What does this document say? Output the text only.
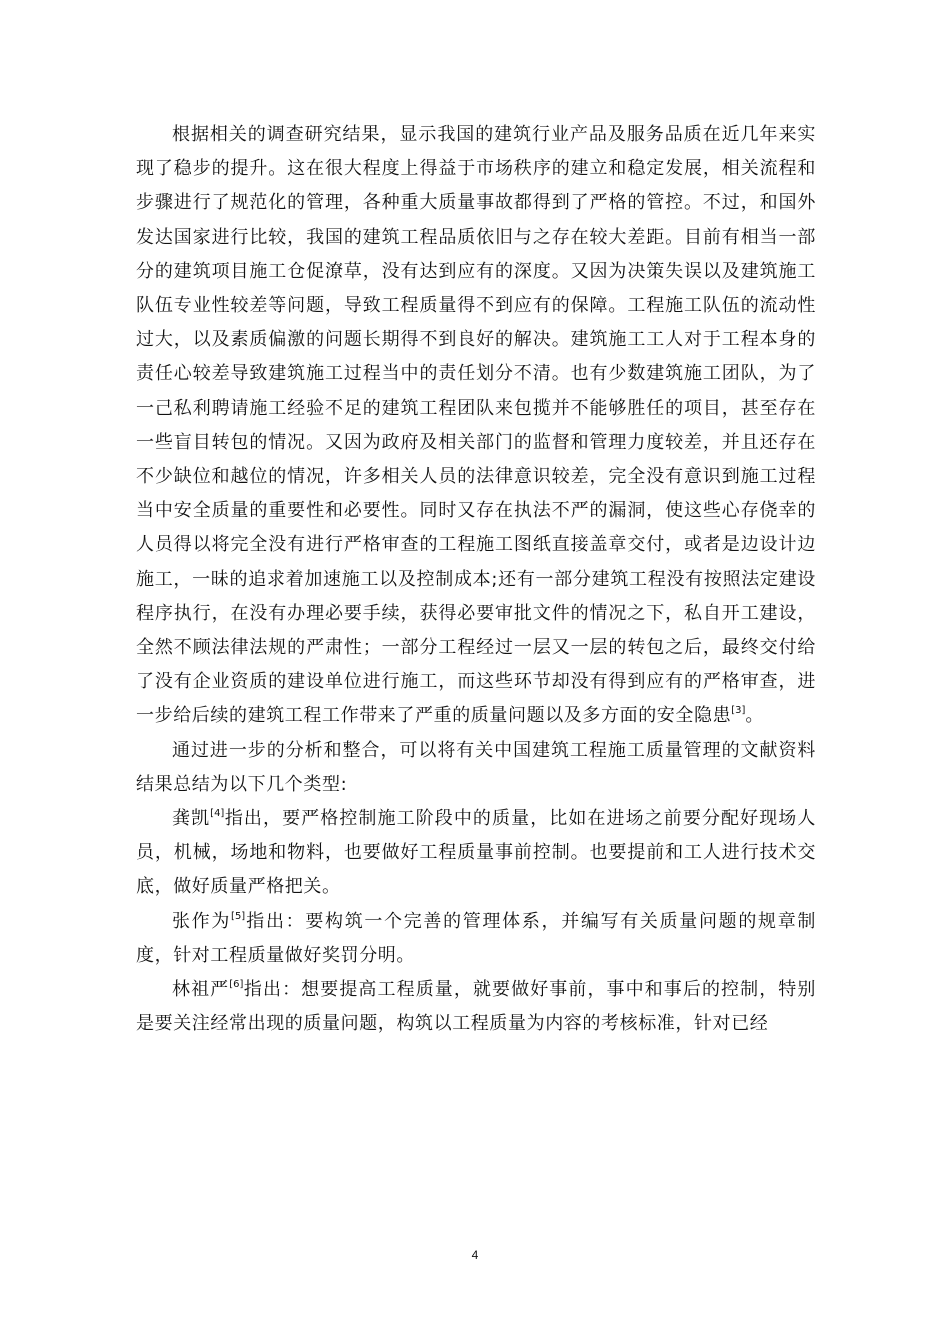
根据相关的调查研究结果，显示我国的建筑行业产品及服务品质在近几年来实现了稳步的提升。这在很大程度上得益于市场秩序的建立和稳定发展，相关流程和步骤进行了规范化的管理，各种重大质量事故都得到了严格的管控。不过，和国外发达国家进行比较，我国的建筑工程品质依旧与之存在较大差距。目前有相当一部分的建筑项目施工仓促潦草，没有达到应有的深度。又因为决策失误以及建筑施工队伍专业性较差等问题，导致工程质量得不到应有的保障。工程施工队伍的流动性过大，以及素质偏激的问题长期得不到良好的解决。建筑施工工人对于工程本身的责任心较差导致建筑施工过程当中的责任划分不清。也有少数建筑施工团队，为了一己私利聘请施工经验不足的建筑工程团队来包揽并不能够胜任的项目，甚至存在一些盲目转包的情况。又因为政府及相关部门的监督和管理力度较差，并且还存在不少缺位和越位的情况，许多相关人员的法律意识较差，完全没有意识到施工过程当中安全质量的重要性和必要性。同时又存在执法不严的漏洞，使这些心存侥幸的人员得以将完全没有进行严格审查的工程施工图纸直接盖章交付，或者是边设计边施工，一昧的追求着加速施工以及控制成本;还有一部分建筑工程没有按照法定建设程序执行，在没有办理必要手续，获得必要审批文件的情况之下，私自开工建设，全然不顾法律法规的严肃性；一部分工程经过一层又一层的转包之后，最终交付给了没有企业资质的建设单位进行施工，而这些环节却没有得到应有的严格审查，进一步给后续的建筑工程工作带来了严重的质量问题以及多方面的安全隐患[3]。

通过进一步的分析和整合，可以将有关中国建筑工程施工质量管理的文献资料结果总结为以下几个类型:

龚凯[4]指出，要严格控制施工阶段中的质量，比如在进场之前要分配好现场人员，机械，场地和物料，也要做好工程质量事前控制。也要提前和工人进行技术交底，做好质量严格把关。

张作为[5]指出：要构筑一个完善的管理体系，并编写有关质量问题的规章制度，针对工程质量做好奖罚分明。

林祖严[6]指出：想要提高工程质量，就要做好事前，事中和事后的控制，特别是要关注经常出现的质量问题，构筑以工程质量为内容的考核标准，针对已经

4
